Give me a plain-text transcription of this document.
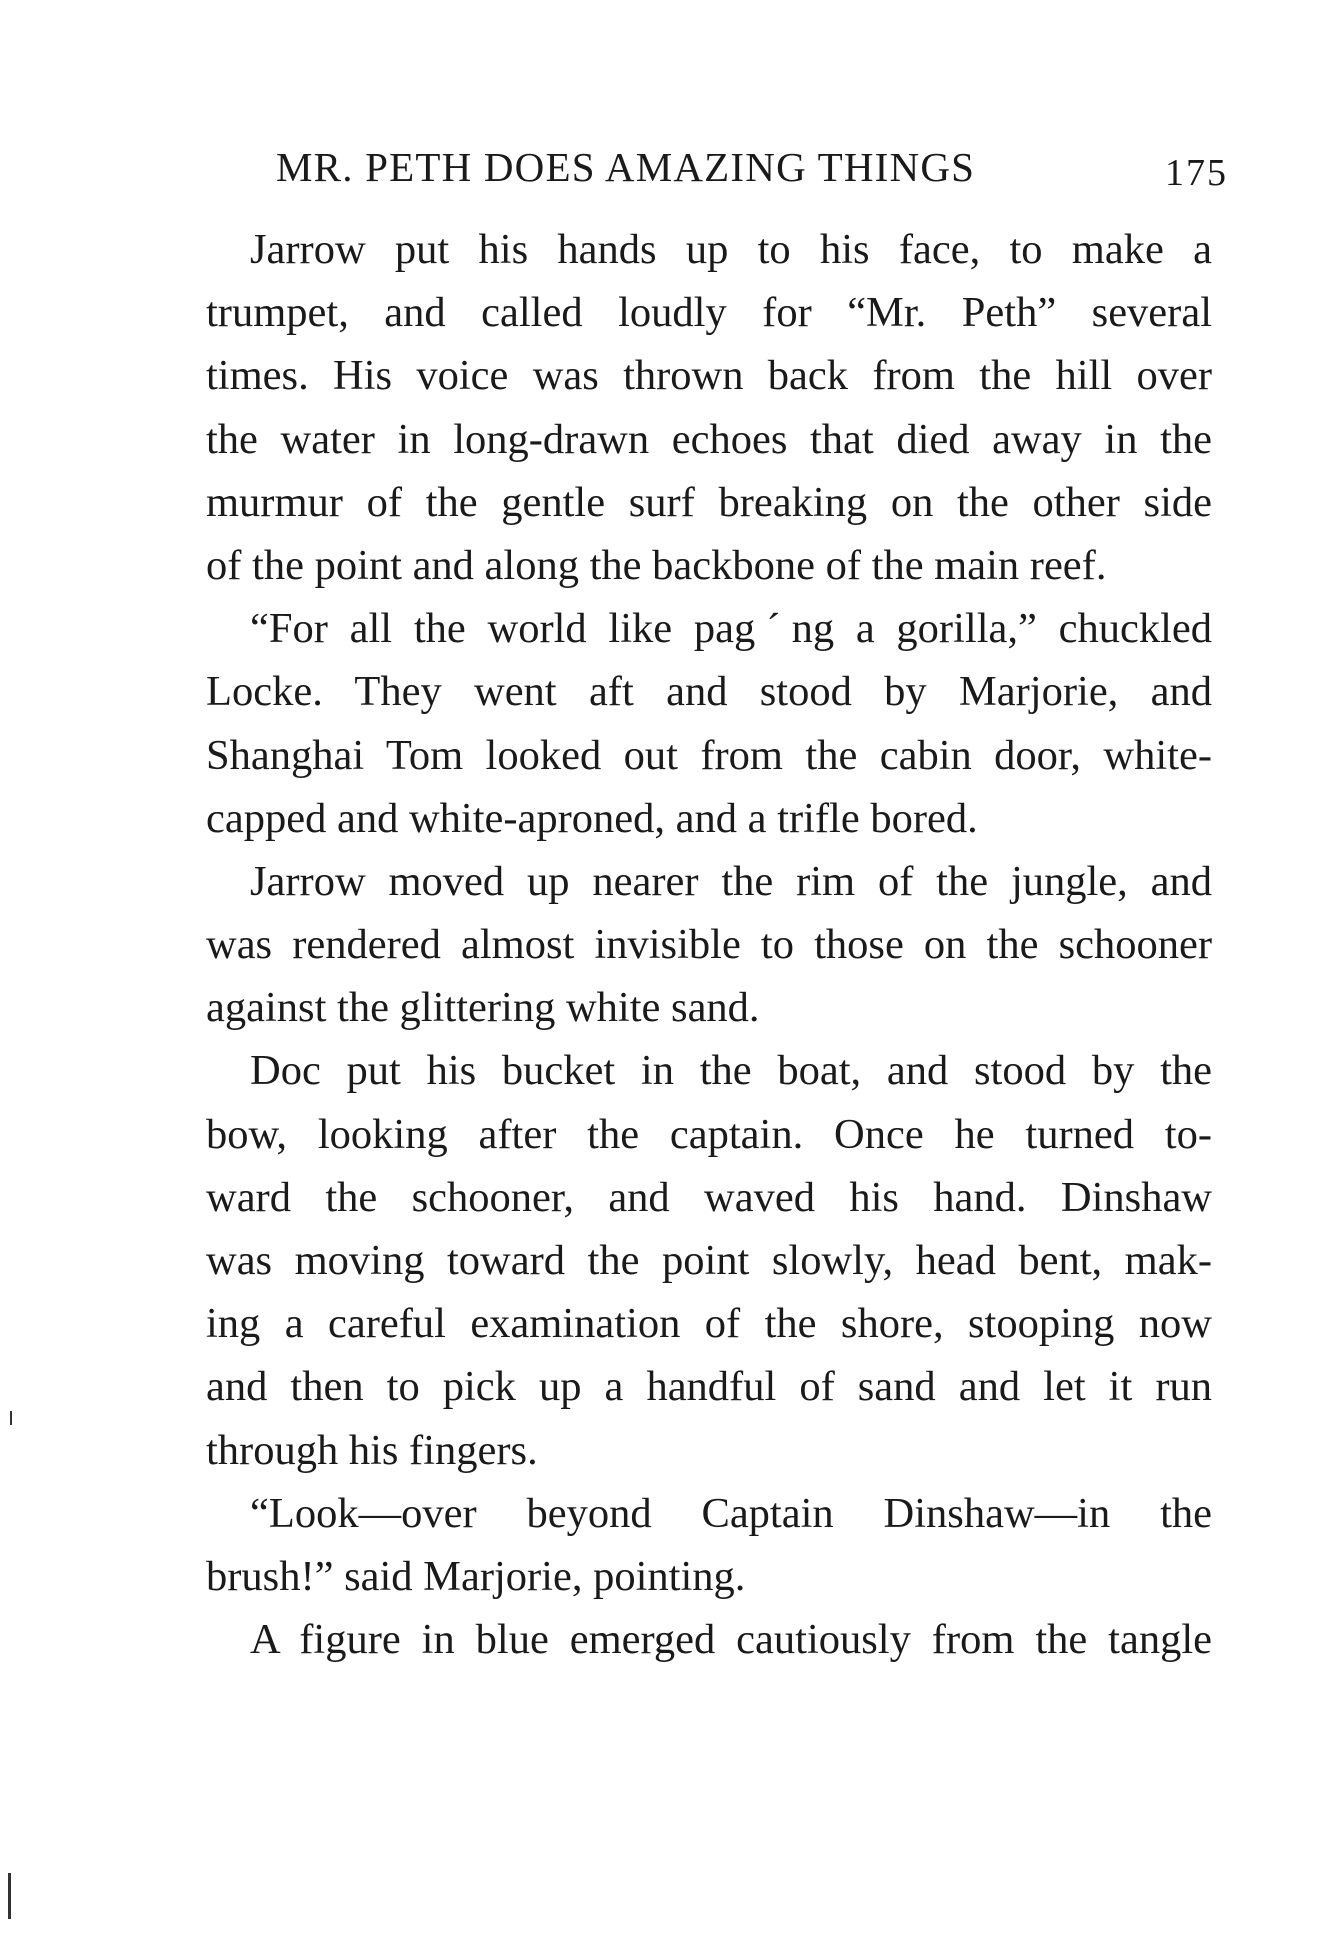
MR. PETH DOES AMAZING THINGS	175
Jarrow put his hands up to his face, to make a
trumpet, and called loudly for “Mr. Peth” several
times. His voice was thrown back from the hill over
the water in long-drawn echoes that died away in the
murmur of the gentle surf breaking on the other side
of the point and along the backbone of the main reef.
“For all the world like pagˊng a gorilla,” chuckled
Locke. They went aft and stood by Marjorie, and
Shanghai Tom looked out from the cabin door, white-
capped and white-aproned, and a trifle bored.
Jarrow moved up nearer the rim of the jungle, and
was rendered almost invisible to those on the schooner
against the glittering white sand.
Doc put his bucket in the boat, and stood by the
bow, looking after the captain. Once he turned to-
ward the schooner, and waved his hand. Dinshaw
was moving toward the point slowly, head bent, mak-
ing a careful examination of the shore, stooping now
and then to pick up a handful of sand and let it run
through his fingers.
“Look—over beyond Captain Dinshaw—in the
brush!” said Marjorie, pointing.
A figure in blue emerged cautiously from the tangle
